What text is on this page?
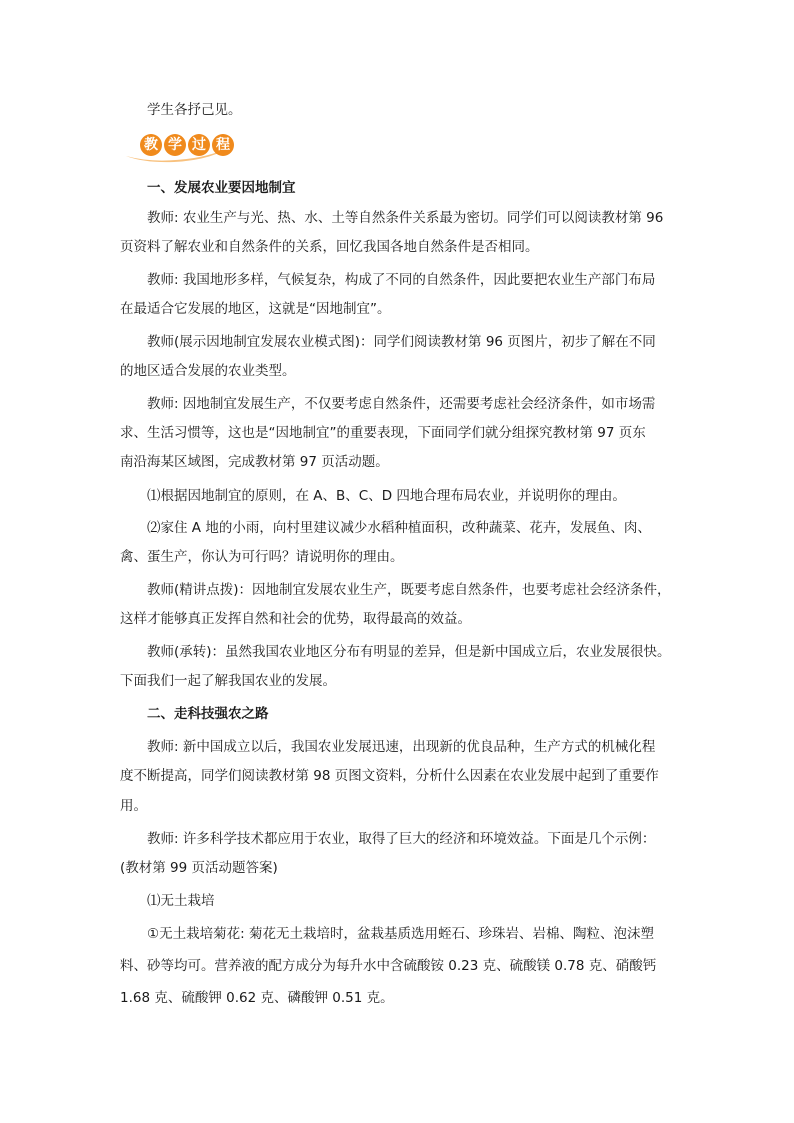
学生各抒己见。
教 学 过 程
一、发展农业要因地制宜
教师: 农业生产与光、热、水、土等自然条件关系最为密切。同学们可以阅读教材第 96
页资料了解农业和自然条件的关系，回忆我国各地自然条件是否相同。
教师: 我国地形多样，气候复杂，构成了不同的自然条件，因此要把农业生产部门布局
在最适合它发展的地区，这就是“因地制宜”。
教师(展示因地制宜发展农业模式图)：同学们阅读教材第 96 页图片，初步了解在不同
的地区适合发展的农业类型。
教师: 因地制宜发展生产，不仅要考虑自然条件，还需要考虑社会经济条件，如市场需
求、生活习惯等，这也是“因地制宜”的重要表现，下面同学们就分组探究教材第 97 页东
南沿海某区域图，完成教材第 97 页活动题。
⑴根据因地制宜的原则，在 A、B、C、D 四地合理布局农业，并说明你的理由。
⑵家住 A 地的小雨，向村里建议减少水稻种植面积，改种蔬菜、花卉，发展鱼、肉、
禽、蛋生产，你认为可行吗？请说明你的理由。
教师(精讲点拨)：因地制宜发展农业生产，既要考虑自然条件，也要考虑社会经济条件，
这样才能够真正发挥自然和社会的优势，取得最高的效益。
教师(承转)：虽然我国农业地区分布有明显的差异，但是新中国成立后，农业发展很快。
下面我们一起了解我国农业的发展。
二、走科技强农之路
教师: 新中国成立以后，我国农业发展迅速，出现新的优良品种，生产方式的机械化程
度不断提高，同学们阅读教材第 98 页图文资料，分析什么因素在农业发展中起到了重要作
用。
教师: 许多科学技术都应用于农业，取得了巨大的经济和环境效益。下面是几个示例：
(教材第 99 页活动题答案)
⑴无土栽培
①无土栽培菊花: 菊花无土栽培时，盆栽基质选用蛭石、珍珠岩、岩棉、陶粒、泡沫塑
料、砂等均可。营养液的配方成分为每升水中含硫酸铵 0.23 克、硫酸镁 0.78 克、硝酸钙
1.68 克、硫酸钾 0.62 克、磷酸钾 0.51 克。
